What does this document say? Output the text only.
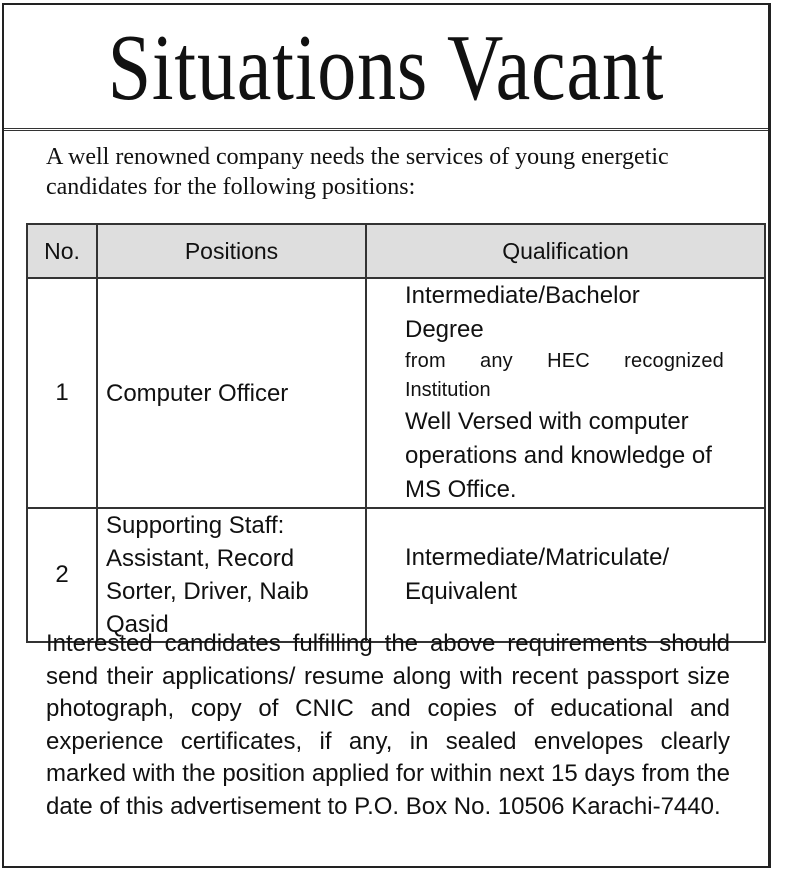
Situations Vacant
A well renowned company needs the services of young energetic candidates for the following positions:
No.	Positions	Qualification
1	Computer Officer	Intermediate/Bachelor Degree
from any HEC recognized
Institution
Well Versed with computer operations and knowledge of MS Office.

2	Supporting Staff: Assistant, Record Sorter, Driver, Naib Qasid	Intermediate/Matriculate/ Equivalent
Interested candidates fulfilling the above requirements should send their applications/ resume along with recent passport size photograph, copy of CNIC and copies of educational and experience certificates, if any, in sealed envelopes clearly marked with the position applied for within next 15 days from the date of this advertisement to P.O. Box No. 10506 Karachi-7440.
